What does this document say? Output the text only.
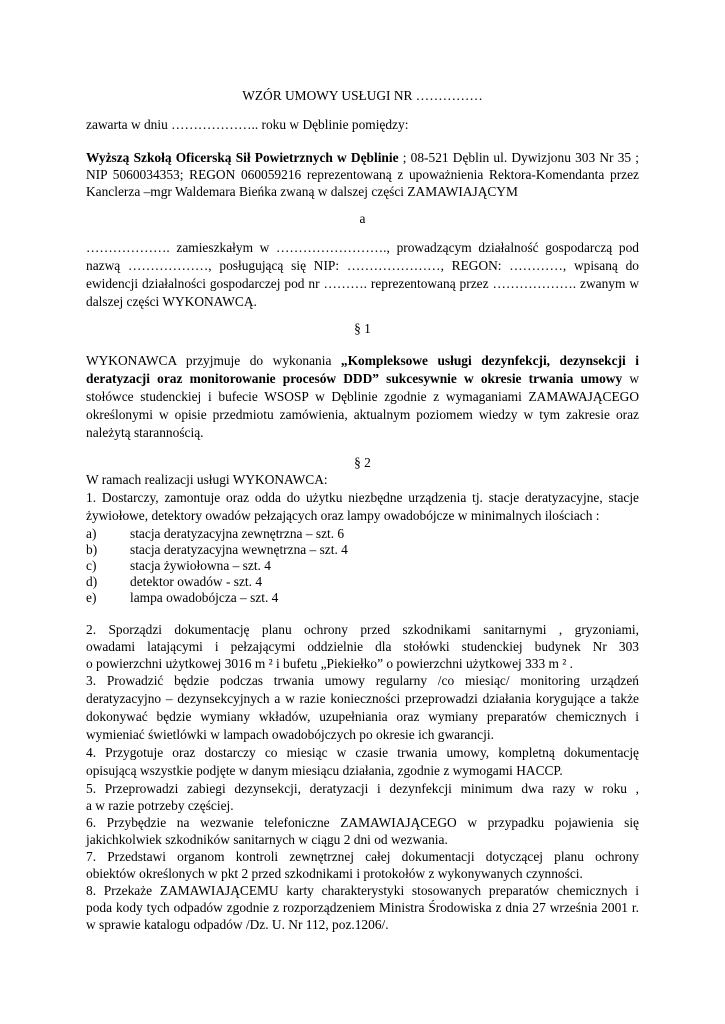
WZÓR UMOWY USŁUGI NR ……………
zawarta w dniu ……………….. roku w Dęblinie pomiędzy:
Wyższą Szkołą Oficerską Sił Powietrznych w Dęblinie ; 08-521 Dęblin ul. Dywizjonu 303 Nr 35 ;
NIP 5060034353; REGON 060059216 reprezentowaną z upoważnienia Rektora-Komendanta przez
Kanclerza –mgr Waldemara Bieńka zwaną w dalszej części ZAMAWIAJĄCYM
a
………………. zamieszkałym w ……………………., prowadzącym działalność gospodarczą pod
nazwą ………………, posługującą się NIP: …………………, REGON: …………, wpisaną do
ewidencji działalności gospodarczej pod nr ………. reprezentowaną przez ………………. zwanym w
dalszej części WYKONAWCĄ.
§ 1
WYKONAWCA przyjmuje do wykonania „Kompleksowe usługi dezynfekcji, dezynsekcji i
deratyzacji oraz monitorowanie procesów DDD” sukcesywnie w okresie trwania umowy w
stołówce studenckiej i bufecie WSOSP w Dęblinie zgodnie z wymaganiami ZAMAWAJĄCEGO
określonymi w opisie przedmiotu zamówienia, aktualnym poziomem wiedzy w tym zakresie oraz
należytą starannością.
§ 2
W ramach realizacji usługi WYKONAWCA:
1. Dostarczy, zamontuje oraz odda do użytku niezbędne urządzenia tj. stacje deratyzacyjne, stacje
żywiołowe, detektory owadów pełzających oraz lampy owadobójcze w minimalnych ilościach :
a)	stacja deratyzacyjna zewnętrzna – szt. 6
b) stacja deratyzacyjna wewnętrzna – szt. 4
c)	stacja żywiołowna – szt. 4
d) detektor owadów - szt. 4
e)	lampa owadobójcza – szt. 4
2. Sporządzi dokumentację planu ochrony przed szkodnikami sanitarnymi , gryzoniami,
owadami latającymi i pełzającymi oddzielnie dla stołówki studenckiej budynek Nr 303
o powierzchni użytkowej 3016 m ² i bufetu „Piekiełko” o powierzchni użytkowej 333 m ² .
3. Prowadzić będzie podczas trwania umowy regularny /co miesiąc/ monitoring urządzeń
deratyzacyjno – dezynsekcyjnych a w razie konieczności przeprowadzi działania korygujące a także
dokonywać będzie wymiany wkładów, uzupełniania oraz wymiany preparatów chemicznych i
wymieniać świetlówki w lampach owadobójczych po okresie ich gwarancji.
4. Przygotuje oraz dostarczy co miesiąc w czasie trwania umowy, kompletną dokumentację
opisującą wszystkie podjęte w danym miesiącu działania, zgodnie z wymogami HACCP.
5. Przeprowadzi zabiegi dezynsekcji, deratyzacji i dezynfekcji minimum dwa razy w roku ,
a w razie potrzeby częściej.
6. Przybędzie na wezwanie telefoniczne ZAMAWIAJĄCEGO w przypadku pojawienia się
jakichkolwiek szkodników sanitarnych w ciągu 2 dni od wezwania.
7. Przedstawi organom kontroli zewnętrznej całej dokumentacji dotyczącej planu ochrony
obiektów określonych w pkt 2 przed szkodnikami i protokołów z wykonywanych czynności.
8. Przekaże ZAMAWIAJĄCEMU karty charakterystyki stosowanych preparatów chemicznych i
poda kody tych odpadów zgodnie z rozporządzeniem Ministra Środowiska z dnia 27 września 2001 r.
w sprawie katalogu odpadów /Dz. U. Nr 112, poz.1206/.
